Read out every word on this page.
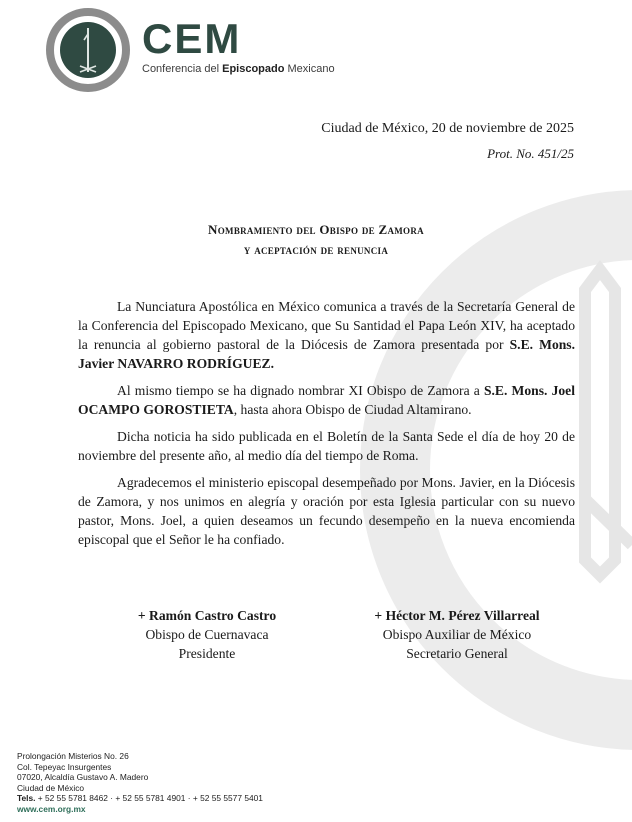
CEM
Conferencia del Episcopado Mexicano
Ciudad de México, 20 de noviembre de 2025
Prot. No. 451/25
Nombramiento del Obispo de Zamora
y aceptación de renuncia

La Nunciatura Apostólica en México comunica a través de la Secretaría General de la Conferencia del Episcopado Mexicano, que Su Santidad el Papa León XIV, ha aceptado la renuncia al gobierno pastoral de la Diócesis de Zamora presentada por S.E. Mons. Javier NAVARRO RODRÍGUEZ.

Al mismo tiempo se ha dignado nombrar XI Obispo de Zamora a S.E. Mons. Joel OCAMPO GOROSTIETA, hasta ahora Obispo de Ciudad Altamirano.

Dicha noticia ha sido publicada en el Boletín de la Santa Sede el día de hoy 20 de noviembre del presente año, al medio día del tiempo de Roma.

Agradecemos el ministerio episcopal desempeñado por Mons. Javier, en la Diócesis de Zamora, y nos unimos en alegría y oración por esta Iglesia particular con su nuevo pastor, Mons. Joel, a quien deseamos un fecundo desempeño en la nueva encomienda episcopal que el Señor le ha confiado.

+ Ramón Castro Castro
Obispo de Cuernavaca
Presidente
+ Héctor M. Pérez Villarreal
Obispo Auxiliar de México
Secretario General
Prolongación Misterios No. 26
Col. Tepeyac Insurgentes
07020, Alcaldía Gustavo A. Madero
Ciudad de México
Tels. + 52 55 5781 8462 · + 52 55 5781 4901 · + 52 55 5577 5401
www.cem.org.mx
